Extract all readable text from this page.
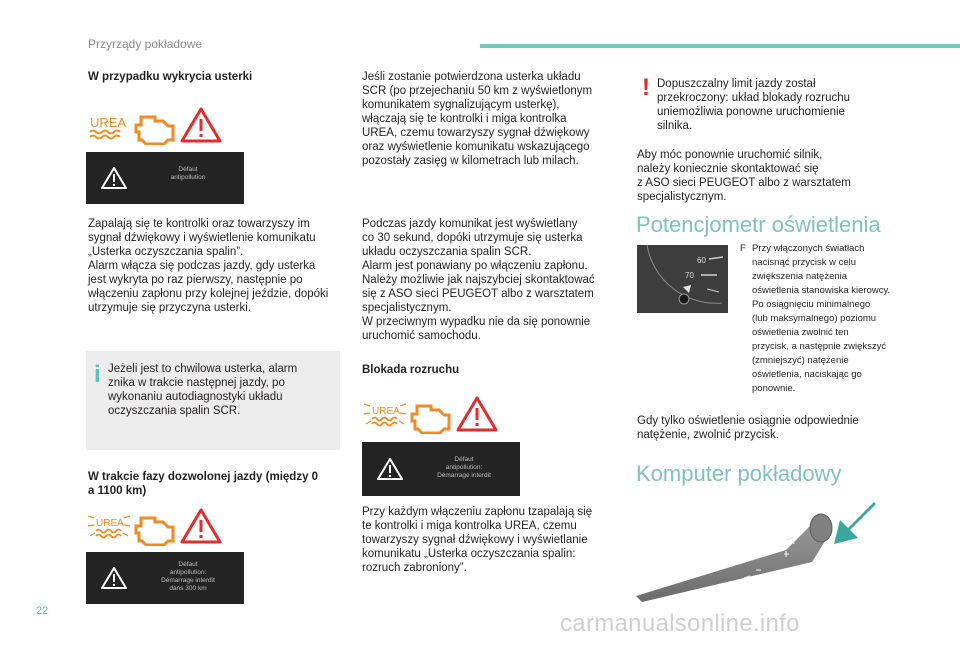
Przyrządy pokładowe
W przypadku wykrycia usterki
UREA
Défaut
antipollution
Zapalają się te kontrolki oraz towarzyszy im
sygnał dźwiękowy i wyświetlenie komunikatu
„Usterka oczyszczania spalin”.
Alarm włącza się podczas jazdy, gdy usterka
jest wykryta po raz pierwszy, następnie po
włączeniu zapłonu przy kolejnej jeździe, dopóki
utrzymuje się przyczyna usterki.
i Jeżeli jest to chwilowa usterka, alarm
znika w trakcie następnej jazdy, po
wykonaniu autodiagnostyki układu
oczyszczania spalin SCR.
W trakcie fazy dozwolonej jazdy (między 0
a 1100 km)
UREA
Défaut
antipollution:
Démarrage interdit
dans 300 km
Jeśli zostanie potwierdzona usterka układu
SCR (po przejechaniu 50 km z wyświetlonym
komunikatem sygnalizującym usterkę),
włączają się te kontrolki i miga kontrolka
UREA, czemu towarzyszy sygnał dźwiękowy
oraz wyświetlenie komunikatu wskazującego
pozostały zasięg w kilometrach lub milach.
Podczas jazdy komunikat jest wyświetlany
co 30 sekund, dopóki utrzymuje się usterka
układu oczyszczania spalin SCR.
Alarm jest ponawiany po włączeniu zapłonu.
Należy możliwie jak najszybciej skontaktować
się z ASO sieci PEUGEOT albo z warsztatem
specjalistycznym.
W przeciwnym wypadku nie da się ponownie
uruchomić samochodu.
Blokada rozruchu
UREA
Défaut
antipollution:
Démarrage interdit
Przy każdym włączeniu zapłonu tzapalają się
te kontrolki i miga kontrolka UREA, czemu
towarzyszy sygnał dźwiękowy i wyświetlanie
komunikatu „Usterka oczyszczania spalin:
rozruch zabroniony”.
! Dopuszczalny limit jazdy został
przekroczony: układ blokady rozruchu
uniemożliwia ponowne uruchomienie
silnika.
Aby móc ponownie uruchomić silnik,
należy koniecznie skontaktować się
z ASO sieci PEUGEOT albo z warsztatem
specjalistycznym.
Potencjometr oświetlenia
60
70
F Przy włączonych światłach
nacisnąć przycisk w celu
zwiększenia natężenia
oświetlenia stanowiska kierowcy.
Po osiągnięciu minimalnego
(lub maksymalnego) poziomu
oświetlenia zwolnić ten
przycisk, a następnie zwiększyć
(zmniejszyć) natężenie
oświetlenia, naciskając go
ponownie.
Gdy tylko oświetlenie osiągnie odpowiednie
natężenie, zwolnić przycisk.
Komputer pokładowy
22	carmanualsonline.info
